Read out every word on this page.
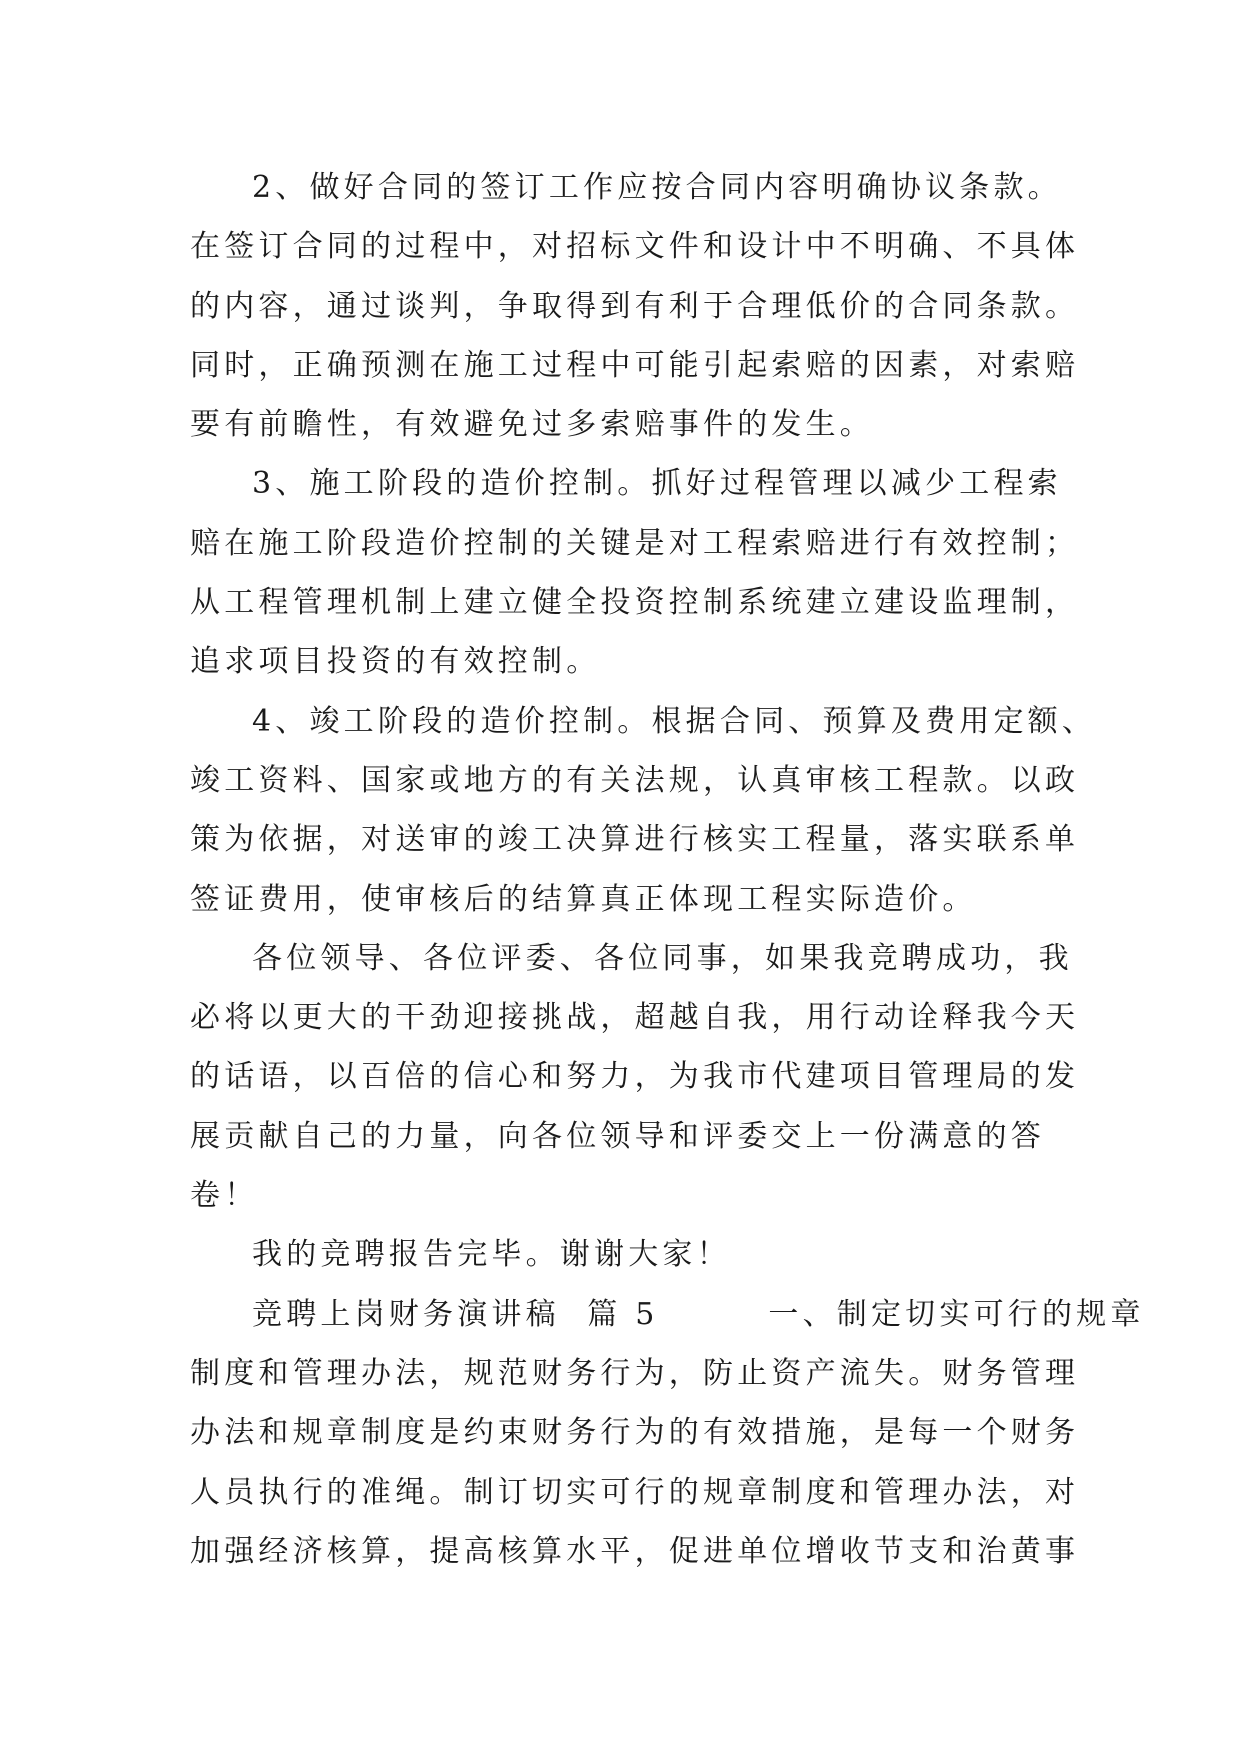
2、做好合同的签订工作应按合同内容明确协议条款。
在签订合同的过程中，对招标文件和设计中不明确、不具体
的内容，通过谈判，争取得到有利于合理低价的合同条款。
同时，正确预测在施工过程中可能引起索赔的因素，对索赔
要有前瞻性，有效避免过多索赔事件的发生。
3、施工阶段的造价控制。抓好过程管理以减少工程索
赔在施工阶段造价控制的关键是对工程索赔进行有效控制；
从工程管理机制上建立健全投资控制系统建立建设监理制，
追求项目投资的有效控制。
4、竣工阶段的造价控制。根据合同、预算及费用定额、
竣工资料、国家或地方的有关法规，认真审核工程款。以政
策为依据，对送审的竣工决算进行核实工程量，落实联系单
签证费用，使审核后的结算真正体现工程实际造价。
各位领导、各位评委、各位同事，如果我竞聘成功，我
必将以更大的干劲迎接挑战，超越自我，用行动诠释我今天
的话语，以百倍的信心和努力，为我市代建项目管理局的发
展贡献自己的力量，向各位领导和评委交上一份满意的答
卷！
我的竞聘报告完毕。谢谢大家！
竞聘上岗财务演讲稿  篇 5        一、制定切实可行的规章
制度和管理办法，规范财务行为，防止资产流失。财务管理
办法和规章制度是约束财务行为的有效措施，是每一个财务
人员执行的准绳。制订切实可行的规章制度和管理办法，对
加强经济核算，提高核算水平，促进单位增收节支和治黄事
